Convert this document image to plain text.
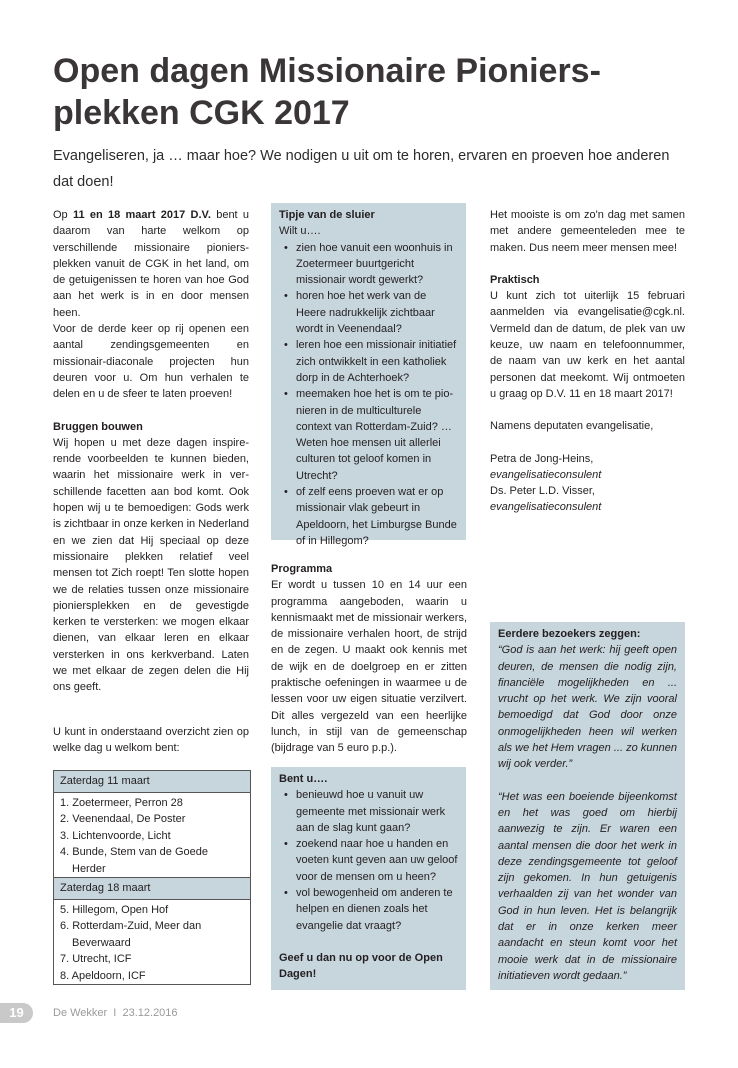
Open dagen Missionaire Pioniers-
plekken CGK 2017

Evangeliseren, ja … maar hoe? We nodigen u uit om te horen, ervaren en proeven hoe anderen
dat doen!

Op 11 en 18 maart 2017 D.V. bent u daarom van harte welkom op verschillende missionaire pioniersplekken vanuit de CGK in het land, om de getuigenissen te horen van hoe God aan het werk is in en door mensen heen.

Voor de derde keer op rij openen een aantal zendingsgemeenten en missionair-diaconale projecten hun deuren voor u. Om hun verhalen te delen en u de sfeer te laten proeven!

Bruggen bouwen

Wij hopen u met deze dagen inspirerende voorbeelden te kunnen bieden, waarin het missionaire werk in verschillende facetten aan bod komt. Ook hopen wij u te bemoedigen: Gods werk is zichtbaar in onze kerken in Nederland en we zien dat Hij speciaal op deze missionaire plekken relatief veel mensen tot Zich roept! Ten slotte hopen we de relaties tussen onze missionaire pioniersplekken en de gevestigde kerken te versterken: we mogen elkaar dienen, van elkaar leren en elkaar versterken in ons kerkverband. Laten we met elkaar de zegen delen die Hij ons geeft.

U kunt in onderstaand overzicht zien op welke dag u welkom bent:

Zaterdag 11 maart
1. Zoetermeer, Perron 28
2. Veenendaal, De Poster
3. Lichtenvoorde, Licht
4. Bunde, Stem van de Goede
Herder
Zaterdag 18 maart
5. Hillegom, Open Hof
6. Rotterdam-Zuid, Meer dan
Beverwaard
7. Utrecht, ICF
8. Apeldoorn, ICF

Tipje van de sluier

Wilt u….

• zien hoe vanuit een woonhuis in Zoetermeer buurtgericht missionair wordt gewerkt?
• horen hoe het werk van de Heere nadrukkelijk zichtbaar wordt in Veenendaal?
• leren hoe een missionair initiatief zich ontwikkelt in een katholiek dorp in de Achterhoek?
• meemaken hoe het is om te pionieren in de multiculturele context van Rotterdam-Zuid? … Weten hoe mensen uit allerlei culturen tot geloof komen in Utrecht?
• of zelf eens proeven wat er op missionair vlak gebeurt in Apeldoorn, het Limburgse Bunde of in Hillegom?

Programma

Er wordt u tussen 10 en 14 uur een programma aangeboden, waarin u kennismaakt met de missionair werkers, de missionaire verhalen hoort, de strijd en de zegen. U maakt ook kennis met de wijk en de doelgroep en er zitten praktische oefeningen in waarmee u de lessen voor uw eigen situatie verzilvert. Dit alles vergezeld van een heerlijke lunch, in stijl van de gemeenschap (bijdrage van 5 euro p.p.).

Bent u….

• benieuwd hoe u vanuit uw gemeente met missionair werk aan de slag kunt gaan?
• zoekend naar hoe u handen en voeten kunt geven aan uw geloof voor de mensen om u heen?
• vol bewogenheid om anderen te helpen en dienen zoals het evangelie dat vraagt?

Geef u dan nu op voor de Open Dagen!

Het mooiste is om zo'n dag met samen met andere gemeenteleden mee te maken. Dus neem meer mensen mee!

Praktisch

U kunt zich tot uiterlijk 15 februari aanmelden via evangelisatie@cgk.nl. Vermeld dan de datum, de plek van uw keuze, uw naam en telefoonnummer, de naam van uw kerk en het aantal personen dat meekomt. Wij ontmoeten u graag op D.V. 11 en 18 maart 2017!

Namens deputaten evangelisatie,

Petra de Jong-Heins,

evangelisatieconsulent

Ds. Peter L.D. Visser,

evangelisatieconsulent

Eerdere bezoekers zeggen:

“God is aan het werk: hij geeft open deuren, de mensen die nodig zijn, financiële mogelijkheden en ... vrucht op het werk. We zijn vooral bemoedigd dat God door onze onmogelijkheden heen wil werken als we het Hem vragen ... zo kunnen wij ook verder.”

“Het was een boeiende bijeenkomst en het was goed om hierbij aanwezig te zijn. Er waren een aantal mensen die door het werk in deze zendingsgemeente tot geloof zijn gekomen. In hun getuigenis verhaalden zij van het wonder van God in hun leven. Het is belangrijk dat er in onze kerken meer aandacht en steun komt voor het mooie werk dat in de missionaire initiatieven wordt gedaan.”

19	De Wekker  I  23.12.2016
